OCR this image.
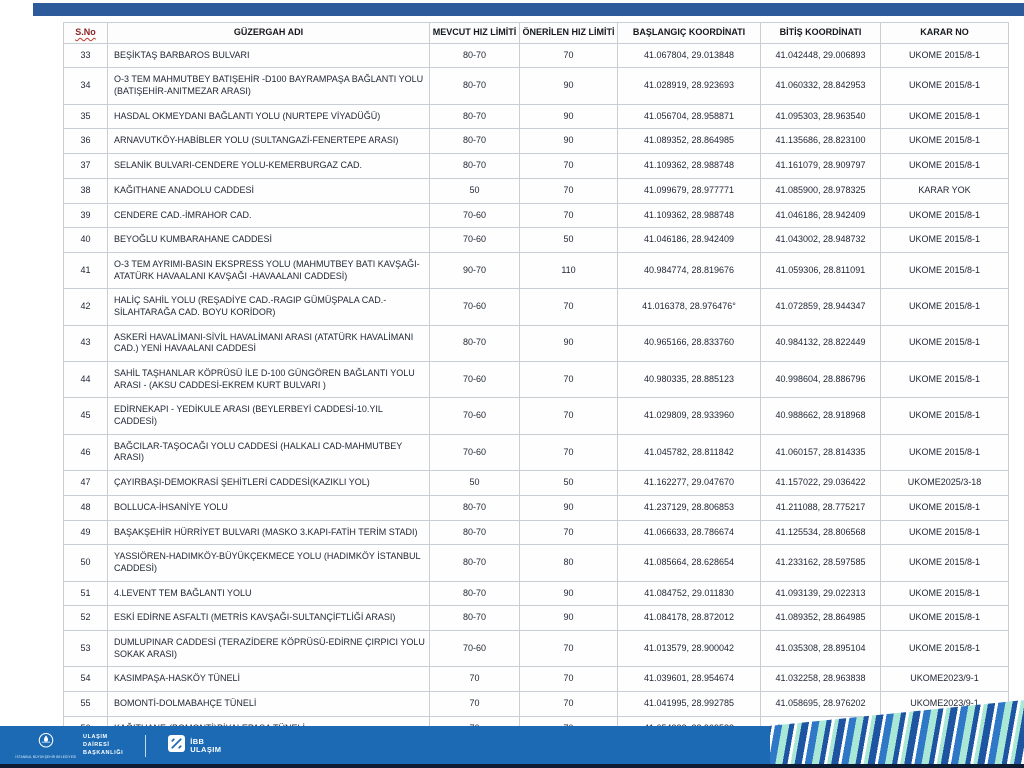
S.No	GÜZERGAH ADI	MEVCUT HIZ LİMİTİ	ÖNERİLEN HIZ LİMİTİ	BAŞLANGIÇ KOORDİNATI	BİTİŞ KOORDİNATI	KARAR NO
33	BEŞİKTAŞ BARBAROS BULVARI	80-70	70	41.067804, 29.013848	41.042448, 29.006893	UKOME 2015/8-1
34	O-3 TEM MAHMUTBEY BATIŞEHİR -D100 BAYRAMPAŞA BAĞLANTI YOLU (BATIŞEHİR-ANITMEZAR ARASI)	80-70	90	41.028919, 28.923693	41.060332, 28.842953	UKOME 2015/8-1
35	HASDAL OKMEYDANI BAĞLANTI YOLU (NURTEPE VİYADÜĞÜ)	80-70	90	41.056704, 28.958871	41.095303, 28.963540	UKOME 2015/8-1
36	ARNAVUTKÖY-HABİBLER YOLU (SULTANGAZİ-FENERTEPE ARASI)	80-70	90	41.089352, 28.864985	41.135686, 28.823100	UKOME 2015/8-1
37	SELANİK BULVARI-CENDERE YOLU-KEMERBURGAZ CAD.	80-70	70	41.109362, 28.988748	41.161079, 28.909797	UKOME 2015/8-1
38	KAĞITHANE ANADOLU CADDESİ	50	70	41.099679, 28.977771	41.085900, 28.978325	KARAR YOK
39	CENDERE CAD.-İMRAHOR CAD.	70-60	70	41.109362, 28.988748	41.046186, 28.942409	UKOME 2015/8-1
40	BEYOĞLU KUMBARAHANE CADDESİ	70-60	50	41.046186, 28.942409	41.043002, 28.948732	UKOME 2015/8-1
41	O-3 TEM AYRIMI-BASIN EKSPRESS YOLU (MAHMUTBEY BATI KAVŞAĞI-ATATÜRK HAVAALANI KAVŞAĞI -HAVAALANI CADDESİ)	90-70	110	40.984774, 28.819676	41.059306, 28.811091	UKOME 2015/8-1
42	HALİÇ SAHİL YOLU (REŞADİYE CAD.-RAGIP GÜMÜŞPALA CAD.-SİLAHTARAĞA CAD. BOYU KORİDOR)	70-60	70	41.016378, 28.976476°	41.072859, 28.944347	UKOME 2015/8-1
43	ASKERİ HAVALİMANI-SİVİL HAVALİMANI ARASI (ATATÜRK HAVALİMANI CAD.) YENİ HAVAALANI CADDESİ	80-70	90	40.965166, 28.833760	40.984132, 28.822449	UKOME 2015/8-1
44	SAHİL TAŞHANLAR KÖPRÜSÜ İLE D-100 GÜNGÖREN BAĞLANTI YOLU ARASI - (AKSU CADDESİ-EKREM KURT BULVARI )	70-60	70	40.980335, 28.885123	40.998604, 28.886796	UKOME 2015/8-1
45	EDİRNEKAPI - YEDİKULE ARASI (BEYLERBEYİ CADDESİ-10.YIL CADDESİ)	70-60	70	41.029809, 28.933960	40.988662, 28.918968	UKOME 2015/8-1
46	BAĞCILAR-TAŞOCAĞI YOLU CADDESİ (HALKALI CAD-MAHMUTBEY ARASI)	70-60	70	41.045782, 28.811842	41.060157, 28.814335	UKOME 2015/8-1
47	ÇAYIRBAŞI-DEMOKRASİ ŞEHİTLERİ CADDESİ(KAZIKLI YOL)	50	50	41.162277, 29.047670	41.157022, 29.036422	UKOME2025/3-18
48	BOLLUCA-İHSANİYE YOLU	80-70	90	41.237129, 28.806853	41.211088, 28.775217	UKOME 2015/8-1
49	BAŞAKŞEHİR HÜRRİYET BULVARI (MASKO 3.KAPI-FATİH TERİM STADI)	80-70	70	41.066633, 28.786674	41.125534, 28.806568	UKOME 2015/8-1
50	YASSIÖREN-HADIMKÖY-BÜYÜKÇEKMECE YOLU (HADIMKÖY İSTANBUL CADDESİ)	80-70	80	41.085664, 28.628654	41.233162, 28.597585	UKOME 2015/8-1
51	4.LEVENT TEM BAĞLANTI YOLU	80-70	90	41.084752, 29.011830	41.093139, 29.022313	UKOME 2015/8-1
52	ESKİ EDİRNE ASFALTI (METRİS KAVŞAĞI-SULTANÇİFTLİĞİ ARASI)	80-70	90	41.084178, 28.872012	41.089352, 28.864985	UKOME 2015/8-1
53	DUMLUPINAR CADDESİ (TERAZİDERE KÖPRÜSÜ-EDİRNE ÇIRPICI YOLU SOKAK ARASI)	70-60	70	41.013579, 28.900042	41.035308, 28.895104	UKOME 2015/8-1
54	KASIMPAŞA-HASKÖY TÜNELİ	70	70	41.039601, 28.954674	41.032258, 28.963838	UKOME2023/9-1
55	BOMONTİ-DOLMABAHÇE TÜNELİ	70	70	41.041995, 28.992785	41.058695, 28.976202	UKOME2023/9-1

İSTANBUL BÜYÜKŞEHİR BELEDİYESİ
ULAŞIM
DAİRESİ
BAŞKANLIĞI
İBB
ULAŞIM
